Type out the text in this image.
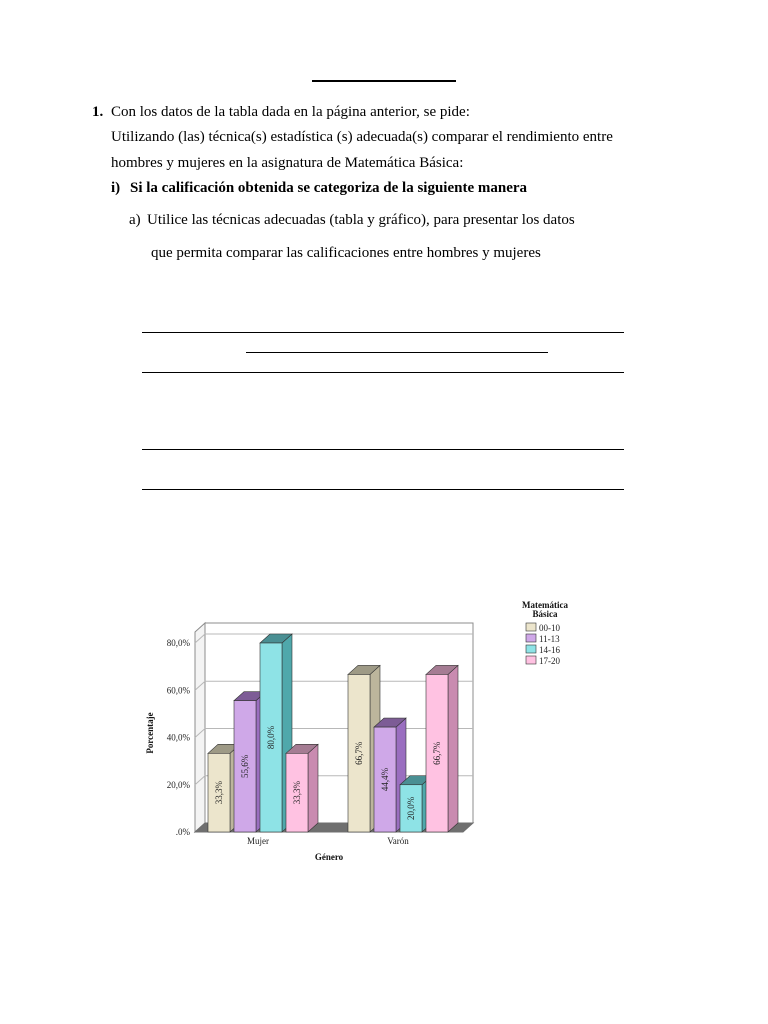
1. Con los datos de la tabla dada en la página anterior, se pide:
Utilizando (las) técnica(s) estadística (s) adecuada(s) comparar el rendimiento entre
hombres y mujeres en la asignatura de Matemática Básica:
i) Si la calificación obtenida se categoriza de la siguiente manera
a) Utilice las técnicas adecuadas (tabla y gráfico), para presentar los datos
que permita comparar las calificaciones entre hombres y mujeres
.0%
20,0%
40,0%
60,0%
80,0%
33,3%
55,6%
80,0%
33,3%
66,7%
44,4%
20,0%
66,7%
Mujer	Varón
Género
Porcentaje
Matemática
Básica
00-10
11-13
14-16
17-20
